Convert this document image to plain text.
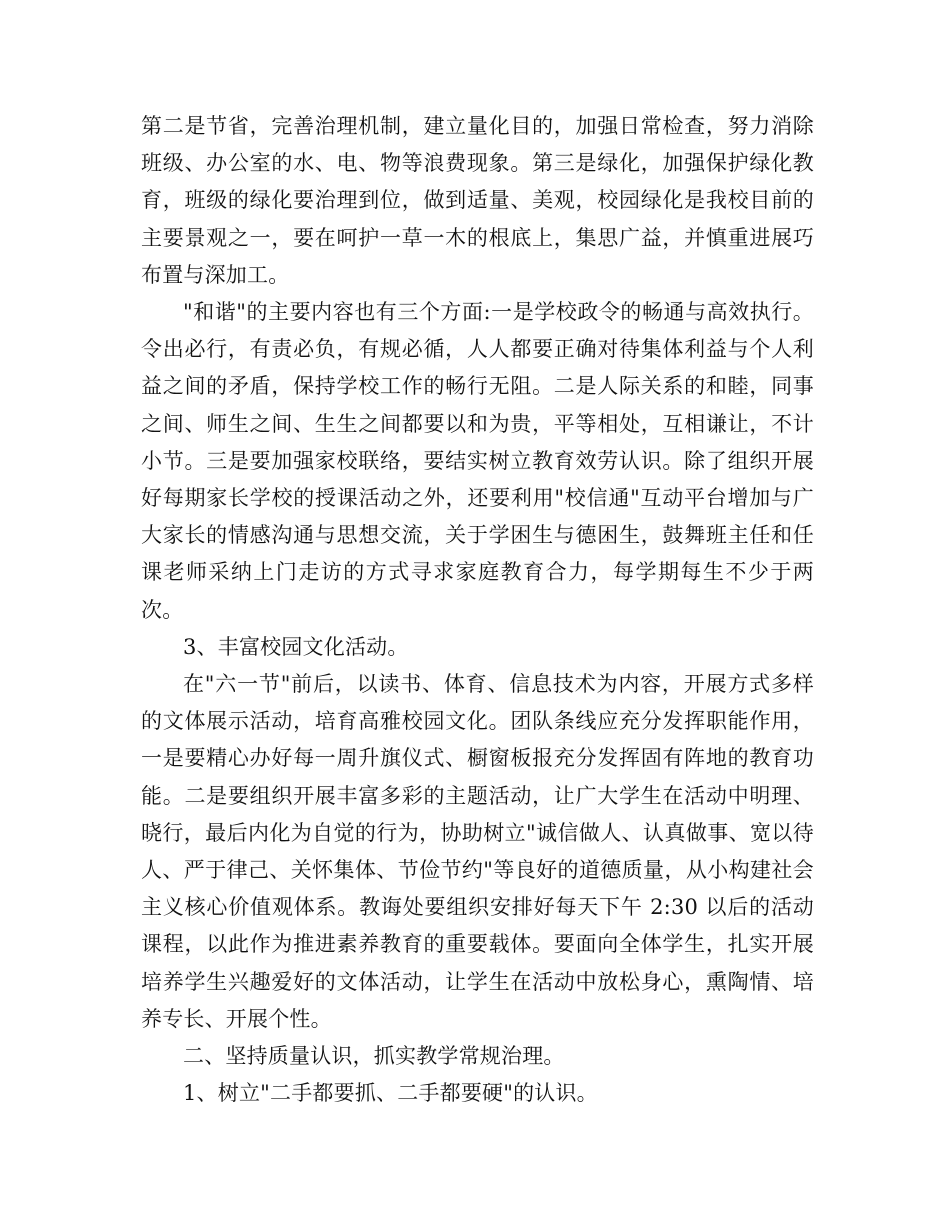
第二是节省，完善治理机制，建立量化目的，加强日常检查，努力消除班级、办公室的水、电、物等浪费现象。第三是绿化，加强保护绿化教育，班级的绿化要治理到位，做到适量、美观，校园绿化是我校目前的主要景观之一，要在呵护一草一木的根底上，集思广益，并慎重进展巧布置与深加工。

"和谐"的主要内容也有三个方面:一是学校政令的畅通与高效执行。令出必行，有责必负，有规必循，人人都要正确对待集体利益与个人利益之间的矛盾，保持学校工作的畅行无阻。二是人际关系的和睦，同事之间、师生之间、生生之间都要以和为贵，平等相处，互相谦让，不计小节。三是要加强家校联络，要结实树立教育效劳认识。除了组织开展好每期家长学校的授课活动之外，还要利用"校信通"互动平台增加与广大家长的情感沟通与思想交流，关于学困生与德困生，鼓舞班主任和任课老师采纳上门走访的方式寻求家庭教育合力，每学期每生不少于两次。

3、丰富校园文化活动。

在"六一节"前后，以读书、体育、信息技术为内容，开展方式多样的文体展示活动，培育高雅校园文化。团队条线应充分发挥职能作用，一是要精心办好每一周升旗仪式、橱窗板报充分发挥固有阵地的教育功能。二是要组织开展丰富多彩的主题活动，让广大学生在活动中明理、晓行，最后内化为自觉的行为，协助树立"诚信做人、认真做事、宽以待人、严于律己、关怀集体、节俭节约"等良好的道德质量，从小构建社会主义核心价值观体系。教诲处要组织安排好每天下午 2:30 以后的活动课程，以此作为推进素养教育的重要载体。要面向全体学生，扎实开展培养学生兴趣爱好的文体活动，让学生在活动中放松身心，熏陶情、培养专长、开展个性。

二、坚持质量认识，抓实教学常规治理。

1、树立"二手都要抓、二手都要硬"的认识。
